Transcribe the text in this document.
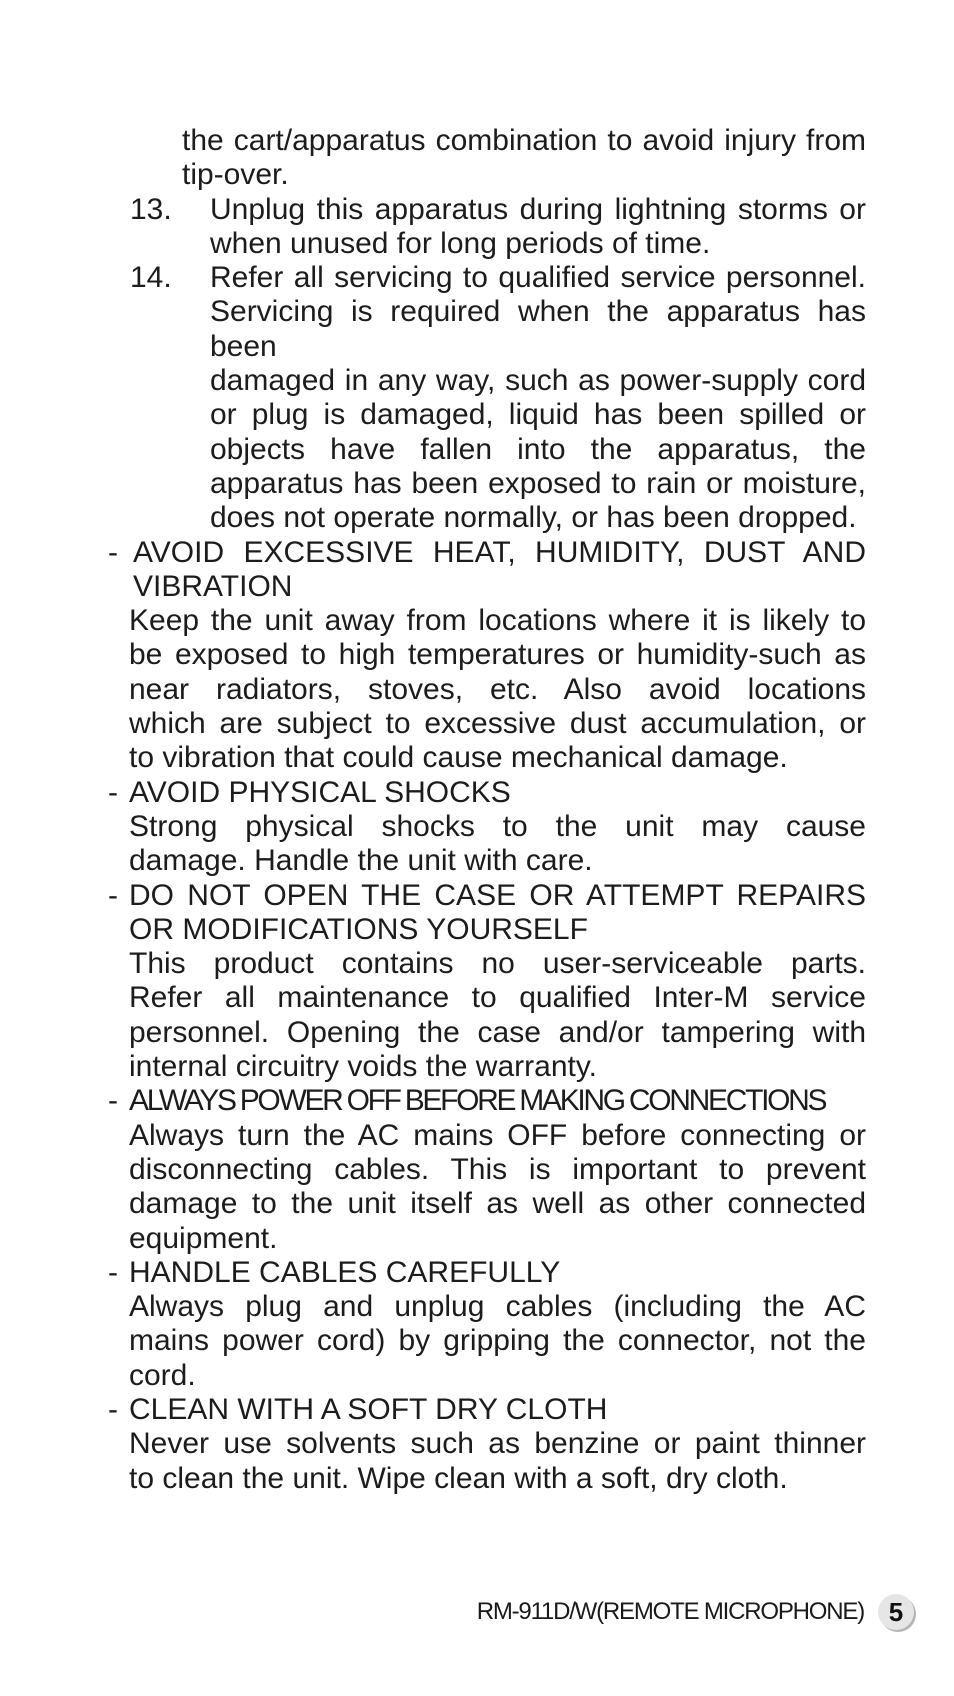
the cart/apparatus combination to avoid injury from
tip-over.
13. Unplug this apparatus during lightning storms or
when unused for long periods of time.
14. Refer all servicing to qualified service personnel.
Servicing is required when the apparatus has been
damaged in any way, such as power-supply cord
or plug is damaged, liquid has been spilled or
objects have fallen into the apparatus, the
apparatus has been exposed to rain or moisture,
does not operate normally, or has been dropped.
- AVOID EXCESSIVE HEAT, HUMIDITY, DUST AND
VIBRATION
Keep the unit away from locations where it is likely to
be exposed to high temperatures or humidity-such as
near radiators, stoves, etc. Also avoid locations
which are subject to excessive dust accumulation, or
to vibration that could cause mechanical damage.
- AVOID PHYSICAL SHOCKS
Strong physical shocks to the unit may cause
damage. Handle the unit with care.
- DO NOT OPEN THE CASE OR ATTEMPT REPAIRS
OR MODIFICATIONS YOURSELF
This product contains no user-serviceable parts.
Refer all maintenance to qualified Inter-M service
personnel. Opening the case and/or tampering with
internal circuitry voids the warranty.
- ALWAYS POWER OFF BEFORE MAKING CONNECTIONS
Always turn the AC mains OFF before connecting or
disconnecting cables. This is important to prevent
damage to the unit itself as well as other connected
equipment.
- HANDLE CABLES CAREFULLY
Always plug and unplug cables (including the AC
mains power cord) by gripping the connector, not the
cord.
- CLEAN WITH A SOFT DRY CLOTH
Never use solvents such as benzine or paint thinner
to clean the unit. Wipe clean with a soft, dry cloth.
RM-911D/W(REMOTE MICROPHONE) 5
